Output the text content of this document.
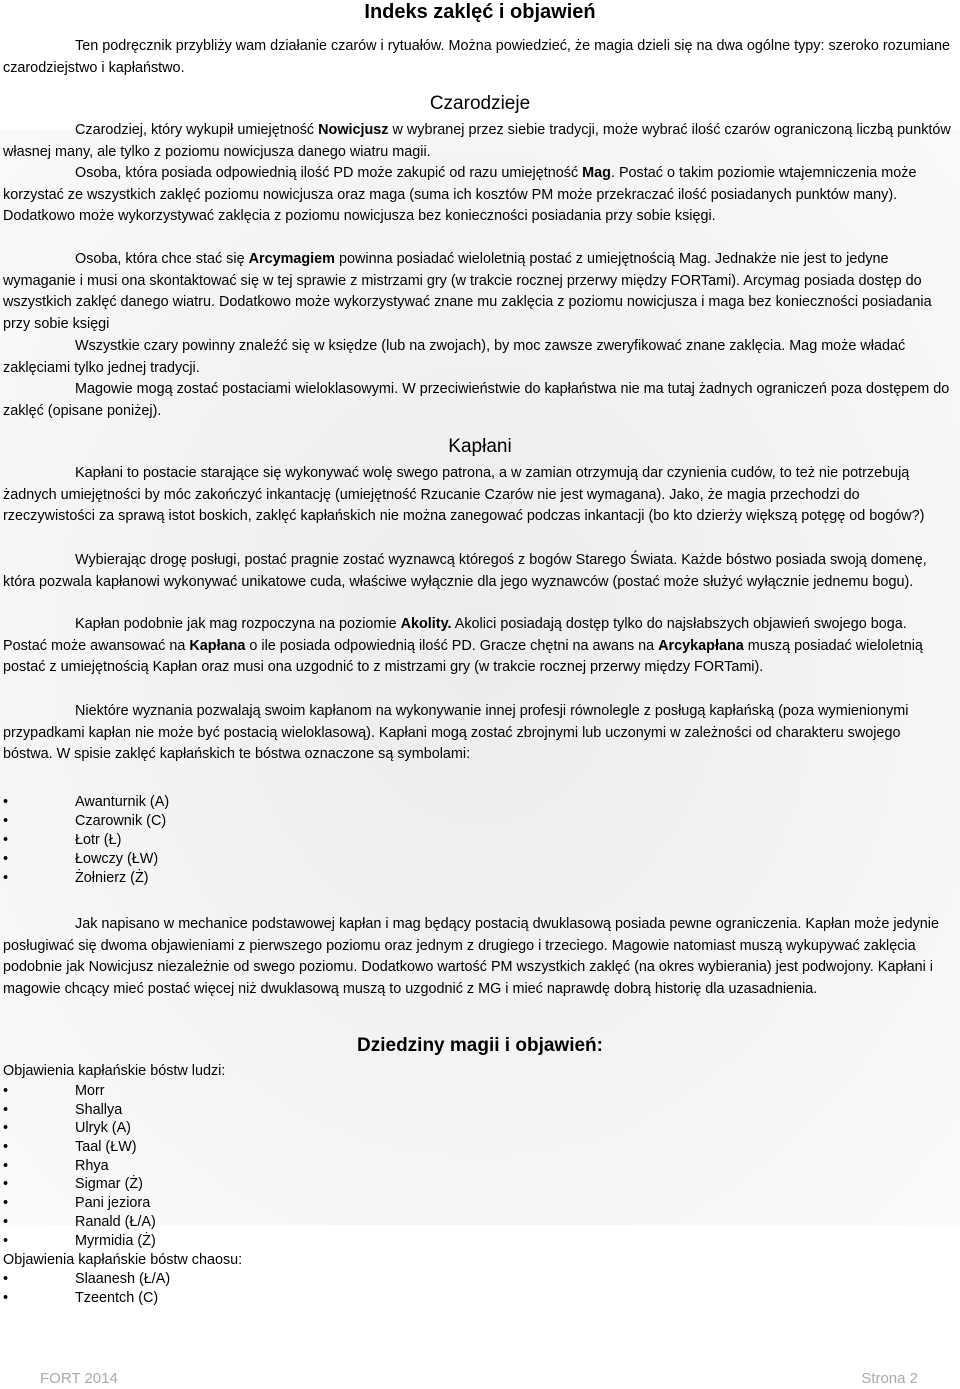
Indeks zaklęć i objawień

Ten podręcznik przybliży wam działanie czarów i rytuałów. Można powiedzieć, że magia dzieli się na dwa ogólne typy: szeroko rozumiane czarodziejstwo i kapłaństwo.

Czarodzieje

Czarodziej, który wykupił umiejętność Nowicjusz w wybranej przez siebie tradycji, może wybrać ilość czarów ograniczoną liczbą punktów własnej many, ale tylko z poziomu nowicjusza danego wiatru magii.

Osoba, która posiada odpowiednią ilość PD może zakupić od razu umiejętność Mag. Postać o takim poziomie wtajemniczenia może korzystać ze wszystkich zaklęć poziomu nowicjusza oraz maga (suma ich kosztów PM może przekraczać ilość posiadanych punktów many). Dodatkowo może wykorzystywać zaklęcia z poziomu nowicjusza bez konieczności posiadania przy sobie księgi.

Osoba, która chce stać się Arcymagiem powinna posiadać wieloletnią postać z umiejętnością Mag. Jednakże nie jest to jedyne wymaganie i musi ona skontaktować się w tej sprawie z mistrzami gry (w trakcie rocznej przerwy między FORTami). Arcymag posiada dostęp do wszystkich zaklęć danego wiatru. Dodatkowo może wykorzystywać znane mu zaklęcia z poziomu nowicjusza i maga bez konieczności posiadania przy sobie księgi

Wszystkie czary powinny znaleźć się w księdze (lub na zwojach), by moc zawsze zweryfikować znane zaklęcia. Mag może władać zaklęciami tylko jednej tradycji.

Magowie mogą zostać postaciami wieloklasowymi. W przeciwieństwie do kapłaństwa nie ma tutaj żadnych ograniczeń poza dostępem do zaklęć (opisane poniżej).

Kapłani

Kapłani to postacie starające się wykonywać wolę swego patrona, a w zamian otrzymują dar czynienia cudów, to też nie potrzebują żadnych umiejętności by móc zakończyć inkantację (umiejętność Rzucanie Czarów nie jest wymagana). Jako, że magia przechodzi do rzeczywistości za sprawą istot boskich, zaklęć kapłańskich nie można zanegować podczas inkantacji (bo kto dzierży większą potęgę od bogów?)

Wybierając drogę posługi, postać pragnie zostać wyznawcą któregoś z bogów Starego Świata. Każde bóstwo posiada swoją domenę, która pozwala kapłanowi wykonywać unikatowe cuda, właściwe wyłącznie dla jego wyznawców (postać może służyć wyłącznie jednemu bogu).

Kapłan podobnie jak mag rozpoczyna na poziomie Akolity. Akolici posiadają dostęp tylko do najsłabszych objawień swojego boga. Postać może awansować na Kapłana o ile posiada odpowiednią ilość PD. Gracze chętni na awans na Arcykapłana muszą posiadać wieloletnią postać z umiejętnością Kapłan oraz musi ona uzgodnić to z mistrzami gry (w trakcie rocznej przerwy między FORTami).

Niektóre wyznania pozwalają swoim kapłanom na wykonywanie innej profesji równolegle z posługą kapłańską (poza wymienionymi przypadkami kapłan nie może być postacią wieloklasową). Kapłani mogą zostać zbrojnymi lub uczonymi w zależności od charakteru swojego bóstwa. W spisie zaklęć kapłańskich te bóstwa oznaczone są symbolami:

•	Awanturnik (A)
•	Czarownik (C)
•	Łotr (Ł)
•	Łowczy (ŁW)
•	Żołnierz (Ż)

Jak napisano w mechanice podstawowej kapłan i mag będący postacią dwuklasową posiada pewne ograniczenia. Kapłan może jedynie posługiwać się dwoma objawieniami z pierwszego poziomu oraz jednym z drugiego i trzeciego. Magowie natomiast muszą wykupywać zaklęcia podobnie jak Nowicjusz niezależnie od swego poziomu. Dodatkowo wartość PM wszystkich zaklęć (na okres wybierania) jest podwojony. Kapłani i magowie chcący mieć postać więcej niż dwuklasową muszą to uzgodnić z MG i mieć naprawdę dobrą historię dla uzasadnienia.

Dziedziny magii i objawień:

Objawienia kapłańskie bóstw ludzi:

•	Morr
•	Shallya
•	Ulryk (A)
•	Taal (ŁW)
•	Rhya
•	Sigmar (Ż)
•	Pani jeziora
•	Ranald (Ł/A)
•	Myrmidia (Ż)

Objawienia kapłańskie bóstw chaosu:

•	Slaanesh (Ł/A)
•	Tzeentch (C)
FORT 2014	Strona 2
